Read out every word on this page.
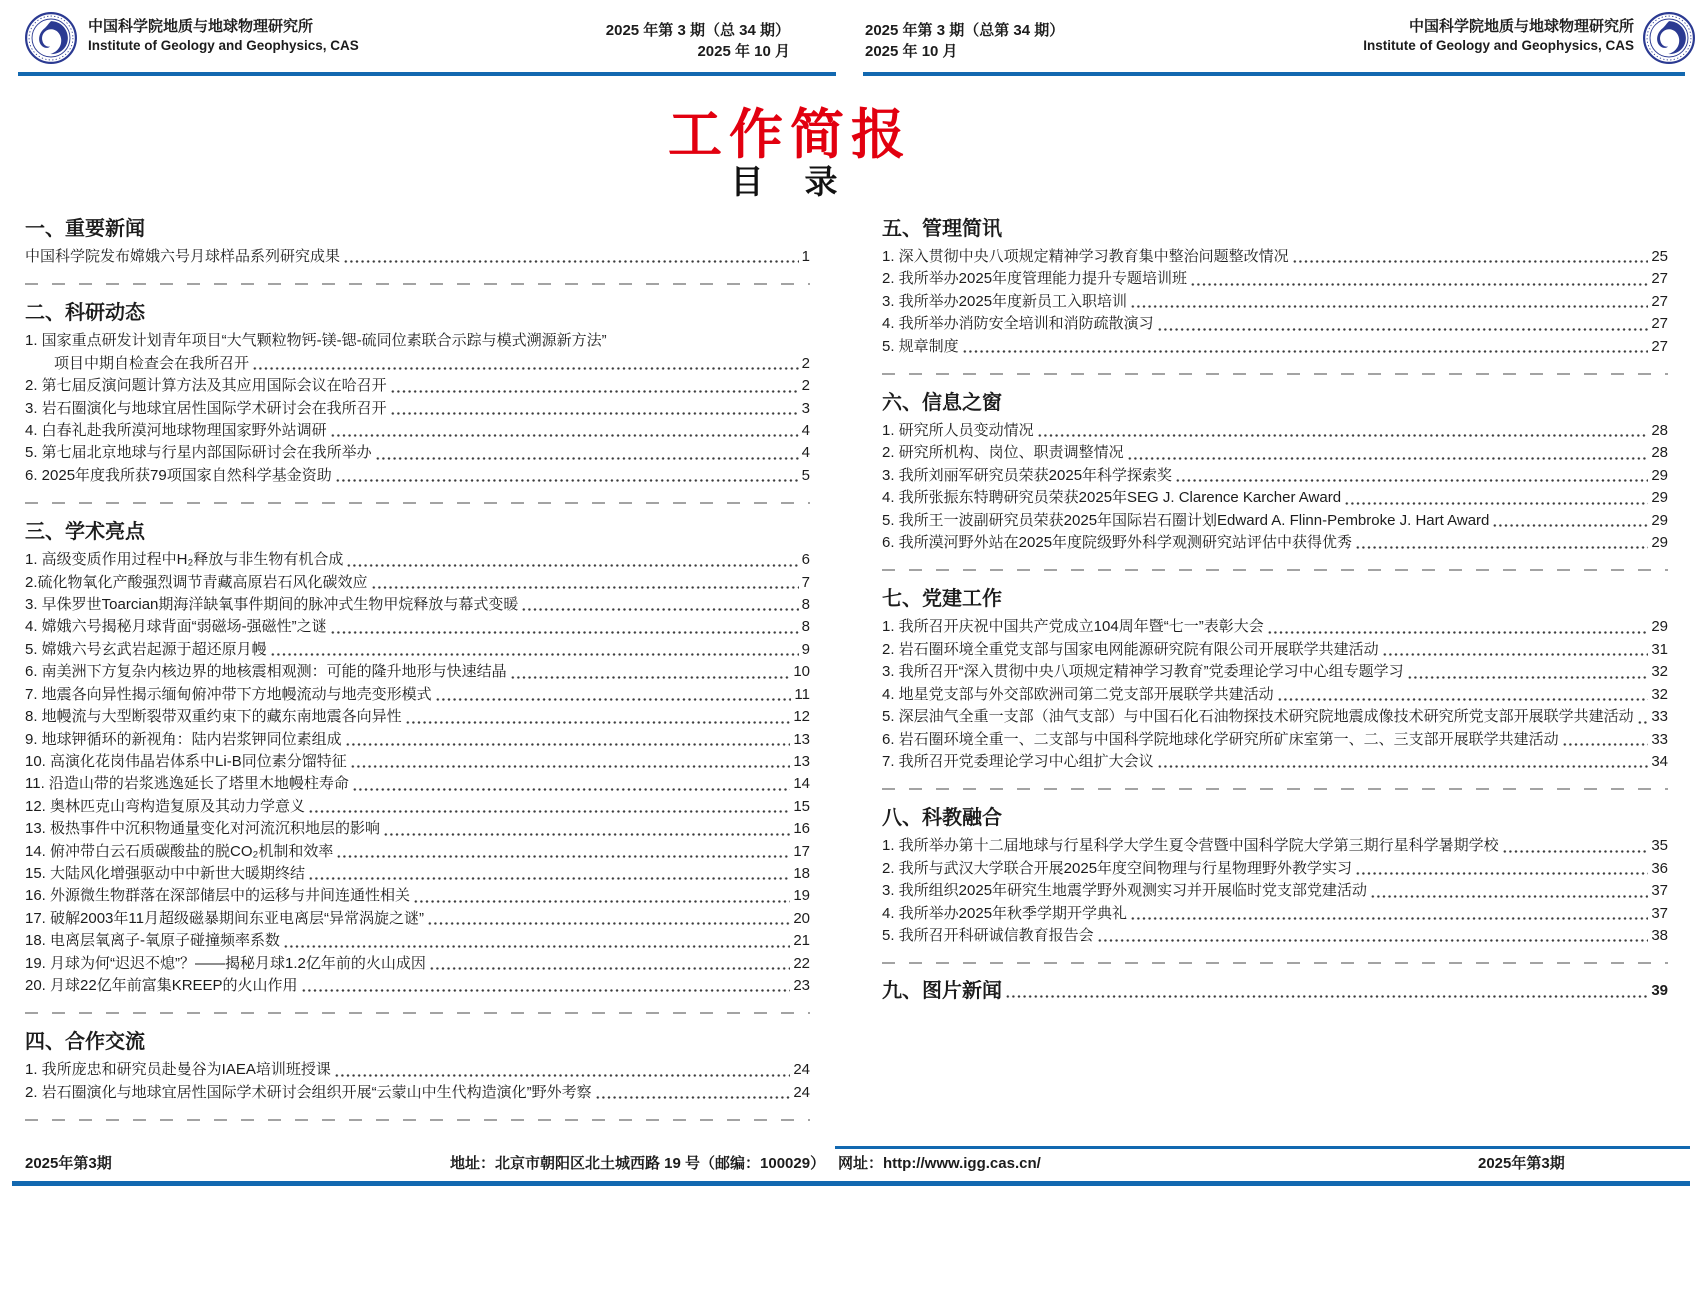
中国科学院地质与地球物理研究所
Institute of Geology and Geophysics, CAS
2025 年第 3 期（总 34 期）
2025 年 10 月
2025 年第 3 期（总第 34 期）
2025 年 10 月
中国科学院地质与地球物理研究所
Institute of Geology and Geophysics, CAS
工作简报
目　录
一、重要新闻
中国科学院发布嫦娥六号月球样品系列研究成果	1
二、科研动态
1. 国家重点研发计划青年项目“大气颗粒物钙-镁-锶-硫同位素联合示踪与模式溯源新方法”
项目中期自检查会在我所召开	2
2. 第七届反演问题计算方法及其应用国际会议在哈召开	2
3. 岩石圈演化与地球宜居性国际学术研讨会在我所召开	3
4. 白春礼赴我所漠河地球物理国家野外站调研	4
5. 第七届北京地球与行星内部国际研讨会在我所举办	4
6. 2025年度我所获79项国家自然科学基金资助	5
三、学术亮点
1. 高级变质作用过程中H₂释放与非生物有机合成	6
2.硫化物氧化产酸强烈调节青藏高原岩石风化碳效应	7
3. 早侏罗世Toarcian期海洋缺氧事件期间的脉冲式生物甲烷释放与幕式变暖	8
4. 嫦娥六号揭秘月球背面“弱磁场-强磁性”之谜	8
5. 嫦娥六号玄武岩起源于超还原月幔	9
6. 南美洲下方复杂内核边界的地核震相观测：可能的隆升地形与快速结晶	10
7. 地震各向异性揭示缅甸俯冲带下方地幔流动与地壳变形模式	11
8. 地幔流与大型断裂带双重约束下的藏东南地震各向异性	12
9. 地球钾循环的新视角：陆内岩浆钾同位素组成	13
10. 高演化花岗伟晶岩体系中Li-B同位素分馏特征	13
11. 沿造山带的岩浆逃逸延长了塔里木地幔柱寿命	14
12. 奥林匹克山弯构造复原及其动力学意义	15
13. 极热事件中沉积物通量变化对河流沉积地层的影响	16
14. 俯冲带白云石质碳酸盐的脱CO₂机制和效率	17
15. 大陆风化增强驱动中中新世大暖期终结	18
16. 外源微生物群落在深部储层中的运移与井间连通性相关	19
17. 破解2003年11月超级磁暴期间东亚电离层“异常涡旋之谜”	20
18. 电离层氧离子-氧原子碰撞频率系数	21
19. 月球为何“迟迟不熄”？——揭秘月球1.2亿年前的火山成因	22
20. 月球22亿年前富集KREEP的火山作用	23
四、合作交流
1. 我所庞忠和研究员赴曼谷为IAEA培训班授课	24
2. 岩石圈演化与地球宜居性国际学术研讨会组织开展“云蒙山中生代构造演化”野外考察	24
五、管理简讯
1. 深入贯彻中央八项规定精神学习教育集中整治问题整改情况	25
2. 我所举办2025年度管理能力提升专题培训班	27
3. 我所举办2025年度新员工入职培训	27
4. 我所举办消防安全培训和消防疏散演习	27
5. 规章制度	27
六、信息之窗
1. 研究所人员变动情况	28
2. 研究所机构、岗位、职责调整情况	28
3. 我所刘丽军研究员荣获2025年科学探索奖	29
4. 我所张振东特聘研究员荣获2025年SEG J. Clarence Karcher Award	29
5. 我所王一波副研究员荣获2025年国际岩石圈计划Edward A. Flinn-Pembroke J. Hart Award	29
6. 我所漠河野外站在2025年度院级野外科学观测研究站评估中获得优秀	29
七、党建工作
1. 我所召开庆祝中国共产党成立104周年暨“七一”表彰大会	29
2. 岩石圈环境全重党支部与国家电网能源研究院有限公司开展联学共建活动	31
3. 我所召开“深入贯彻中央八项规定精神学习教育”党委理论学习中心组专题学习	32
4. 地星党支部与外交部欧洲司第二党支部开展联学共建活动	32
5. 深层油气全重一支部（油气支部）与中国石化石油物探技术研究院地震成像技术研究所党支部开展联学共建活动 33
6. 岩石圈环境全重一、二支部与中国科学院地球化学研究所矿床室第一、二、三支部开展联学共建活动	33
7. 我所召开党委理论学习中心组扩大会议	34
八、科教融合
1. 我所举办第十二届地球与行星科学大学生夏令营暨中国科学院大学第三期行星科学暑期学校	35
2. 我所与武汉大学联合开展2025年度空间物理与行星物理野外教学实习	36
3. 我所组织2025年研究生地震学野外观测实习并开展临时党支部党建活动	37
4. 我所举办2025年秋季学期开学典礼	37
5. 我所召开科研诚信教育报告会	38
九、图片新闻	39
2025年第3期	地址：北京市朝阳区北土城西路 19 号（邮编：100029） 网址：http://www.igg.cas.cn/	2025年第3期
